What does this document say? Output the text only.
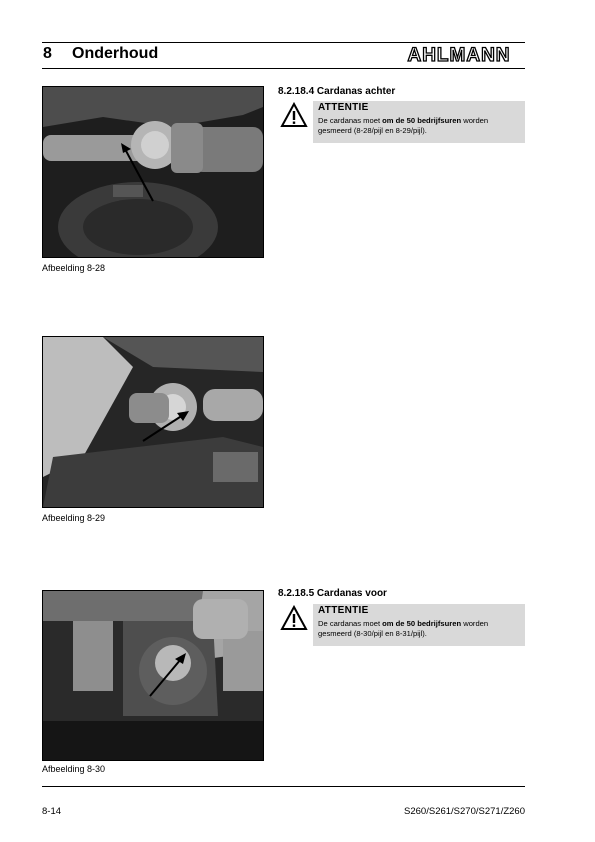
8 Onderhoud	AHLMANN
Afbeelding 8-28
Afbeelding 8-29
Afbeelding 8-30
8.2.18.4 Cardanas achter
ATTENTIE
De cardanas moet om de 50 bedrijfsuren worden
gesmeerd (8-28/pijl en 8-29/pijl).
8.2.18.5 Cardanas voor
ATTENTIE
De cardanas moet om de 50 bedrijfsuren worden
gesmeerd (8-30/pijl en 8-31/pijl).
8-14	S260/S261/S270/S271/Z260
